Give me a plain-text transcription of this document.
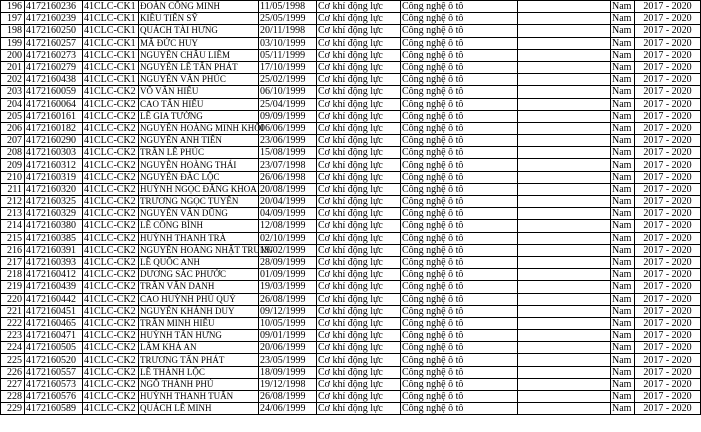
196	4172160236	41CLC-CK1	ĐOÀN CÔNG MINH	11/05/1998	Cơ khí động lực	Công nghệ ô tô		Nam	2017 - 2020
197	4172160239	41CLC-CK1	KIỀU TIẾN SỸ	25/05/1999	Cơ khí động lực	Công nghệ ô tô		Nam	2017 - 2020
198	4172160250	41CLC-CK1	QUÁCH TÀI HƯNG	20/11/1998	Cơ khí động lực	Công nghệ ô tô		Nam	2017 - 2020
199	4172160257	41CLC-CK1	MÃ ĐỨC HUY	03/10/1999	Cơ khí động lực	Công nghệ ô tô		Nam	2017 - 2020
200	4172160273	41CLC-CK1	NGUYỄN CHÂU LIÊM	05/11/1999	Cơ khí động lực	Công nghệ ô tô		Nam	2017 - 2020
201	4172160279	41CLC-CK1	NGUYỄN LÊ TẤN PHÁT	17/10/1999	Cơ khí động lực	Công nghệ ô tô		Nam	2017 - 2020
202	4172160438	41CLC-CK1	NGUYỄN VĂN PHÚC	25/02/1999	Cơ khí động lực	Công nghệ ô tô		Nam	2017 - 2020
203	4172160059	41CLC-CK2	VÕ VĂN HIẾU	06/10/1999	Cơ khí động lực	Công nghệ ô tô		Nam	2017 - 2020
204	4172160064	41CLC-CK2	CAO TẤN HIẾU	25/04/1999	Cơ khí động lực	Công nghệ ô tô		Nam	2017 - 2020
205	4172160161	41CLC-CK2	LÊ GIA TƯỜNG	09/09/1999	Cơ khí động lực	Công nghệ ô tô		Nam	2017 - 2020
206	4172160182	41CLC-CK2	NGUYỄN HOÀNG MINH KHÔI	06/06/1999	Cơ khí động lực	Công nghệ ô tô		Nam	2017 - 2020
207	4172160290	41CLC-CK2	NGUYỄN ANH TIẾN	23/06/1999	Cơ khí động lực	Công nghệ ô tô		Nam	2017 - 2020
208	4172160303	41CLC-CK2	TRẦN LÊ PHÚC	15/08/1999	Cơ khí động lực	Công nghệ ô tô		Nam	2017 - 2020
209	4172160312	41CLC-CK2	NGUYỄN HOÀNG THÁI	23/07/1998	Cơ khí động lực	Công nghệ ô tô		Nam	2017 - 2020
210	4172160319	41CLC-CK2	NGUYỄN ĐẮC LỘC	26/06/1998	Cơ khí động lực	Công nghệ ô tô		Nam	2017 - 2020
211	4172160320	41CLC-CK2	HUỲNH NGỌC ĐĂNG KHOA	20/08/1999	Cơ khí động lực	Công nghệ ô tô		Nam	2017 - 2020
212	4172160325	41CLC-CK2	TRƯƠNG NGỌC TUYÊN	20/04/1999	Cơ khí động lực	Công nghệ ô tô		Nam	2017 - 2020
213	4172160329	41CLC-CK2	NGUYỄN VĂN DŨNG	04/09/1999	Cơ khí động lực	Công nghệ ô tô		Nam	2017 - 2020
214	4172160380	41CLC-CK2	LÊ CÔNG BÌNH	12/08/1999	Cơ khí động lực	Công nghệ ô tô		Nam	2017 - 2020
215	4172160385	41CLC-CK2	HUỲNH THANH TRÀ	02/10/1999	Cơ khí động lực	Công nghệ ô tô		Nam	2017 - 2020
216	4172160391	41CLC-CK2	NGUYỄN HOÀNG NHẬT TRUNG	19/02/1999	Cơ khí động lực	Công nghệ ô tô		Nam	2017 - 2020
217	4172160393	41CLC-CK2	LÊ QUỐC ANH	28/09/1999	Cơ khí động lực	Công nghệ ô tô		Nam	2017 - 2020
218	4172160412	41CLC-CK2	DƯƠNG SẮC PHƯỚC	01/09/1999	Cơ khí động lực	Công nghệ ô tô		Nam	2017 - 2020
219	4172160439	41CLC-CK2	TRẦN VĂN DANH	19/03/1999	Cơ khí động lực	Công nghệ ô tô		Nam	2017 - 2020
220	4172160442	41CLC-CK2	CAO HUỲNH PHÚ QUÝ	26/08/1999	Cơ khí động lực	Công nghệ ô tô		Nam	2017 - 2020
221	4172160451	41CLC-CK2	NGUYỄN KHÁNH DUY	09/12/1999	Cơ khí động lực	Công nghệ ô tô		Nam	2017 - 2020
222	4172160465	41CLC-CK2	TRẦN MINH HIẾU	10/05/1999	Cơ khí động lực	Công nghệ ô tô		Nam	2017 - 2020
223	4172160471	41CLC-CK2	HUỲNH TẤN HƯNG	09/01/1999	Cơ khí động lực	Công nghệ ô tô		Nam	2017 - 2020
224	4172160505	41CLC-CK2	LÂM KHẢ AN	20/06/1999	Cơ khí động lực	Công nghệ ô tô		Nam	2017 - 2020
225	4172160520	41CLC-CK2	TRƯƠNG TẤN PHÁT	23/05/1999	Cơ khí động lực	Công nghệ ô tô		Nam	2017 - 2020
226	4172160557	41CLC-CK2	LÊ THÀNH LỘC	18/09/1999	Cơ khí động lực	Công nghệ ô tô		Nam	2017 - 2020
227	4172160573	41CLC-CK2	NGÔ THÀNH PHÚ	19/12/1998	Cơ khí động lực	Công nghệ ô tô		Nam	2017 - 2020
228	4172160576	41CLC-CK2	HUỲNH THANH TUẤN	26/08/1999	Cơ khí động lực	Công nghệ ô tô		Nam	2017 - 2020
229	4172160589	41CLC-CK2	QUÁCH LÊ MINH	24/06/1999	Cơ khí động lực	Công nghệ ô tô		Nam	2017 - 2020
